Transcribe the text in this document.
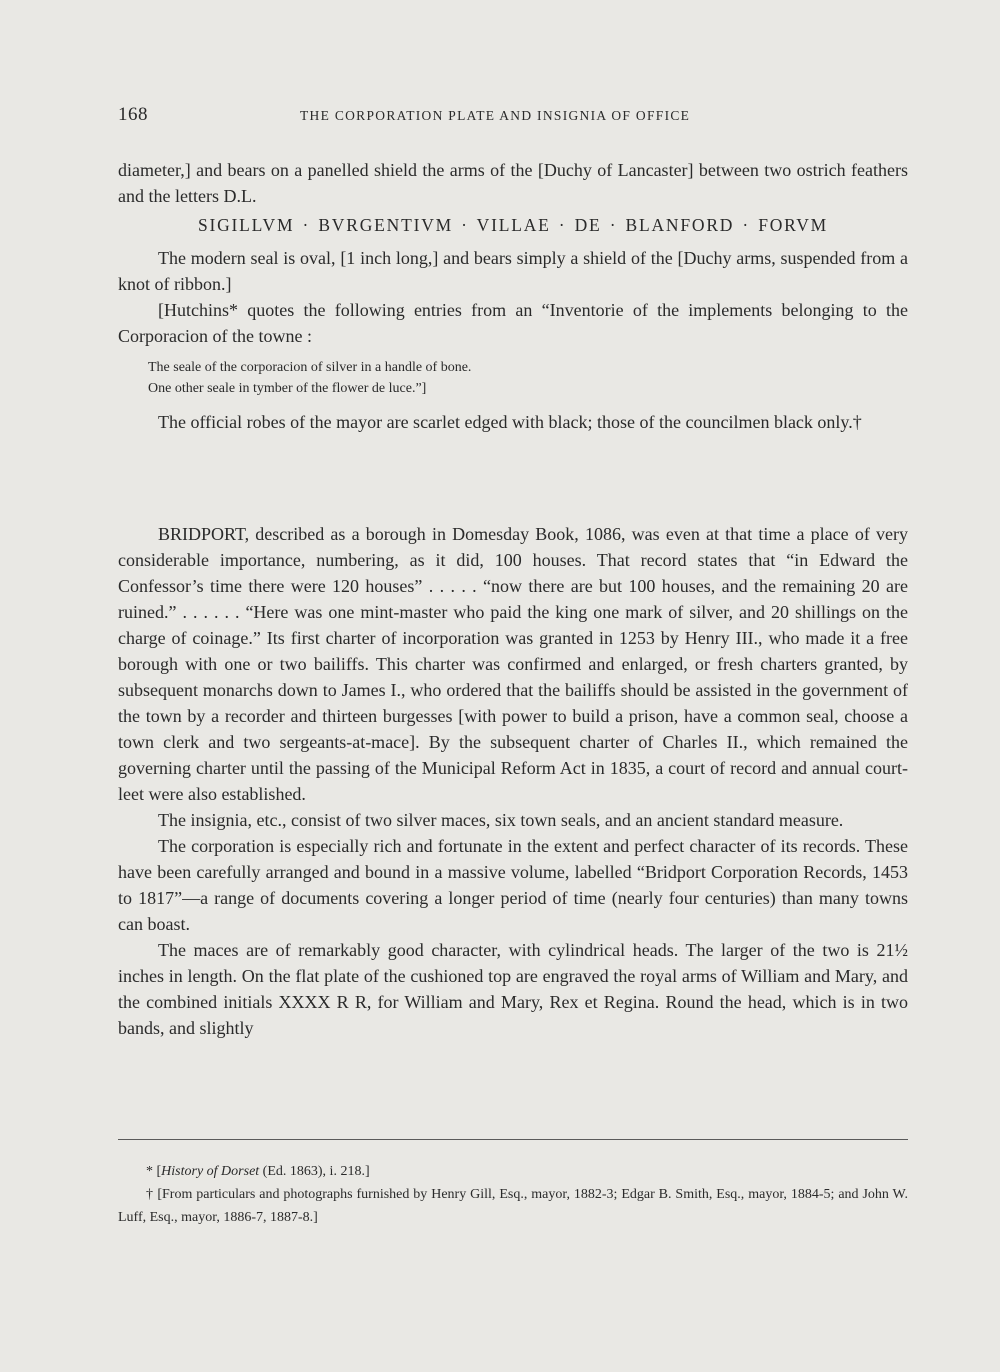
168	THE CORPORATION PLATE AND INSIGNIA OF OFFICE

diameter,] and bears on a panelled shield the arms of the [Duchy of Lancaster] between two ostrich feathers and the letters D.L.

SIGILLVM · BVRGENTIVM · VILLAE · DE · BLANFORD · FORVM

The modern seal is oval, [1 inch long,] and bears simply a shield of the [Duchy arms, suspended from a knot of ribbon.]

[Hutchins* quotes the following entries from an “Inventorie of the implements belonging to the Corporacion of the towne :

The seale of the corporacion of silver in a handle of bone.

One other seale in tymber of the flower de luce.”]

The official robes of the mayor are scarlet edged with black; those of the councilmen black only.†

BRIDPORT, described as a borough in Domesday Book, 1086, was even at that time a place of very considerable importance, numbering, as it did, 100 houses. That record states that “in Edward the Confessor’s time there were 120 houses” . . . . . “now there are but 100 houses, and the remaining 20 are ruined.” . . . . . . “Here was one mint-master who paid the king one mark of silver, and 20 shillings on the charge of coinage.” Its first charter of incorporation was granted in 1253 by Henry III., who made it a free borough with one or two bailiffs. This charter was confirmed and enlarged, or fresh charters granted, by subsequent monarchs down to James I., who ordered that the bailiffs should be assisted in the government of the town by a recorder and thirteen burgesses [with power to build a prison, have a common seal, choose a town clerk and two sergeants-at-mace]. By the subsequent charter of Charles II., which remained the governing charter until the passing of the Municipal Reform Act in 1835, a court of record and annual court-leet were also established.

The insignia, etc., consist of two silver maces, six town seals, and an ancient standard measure.

The corporation is especially rich and fortunate in the extent and perfect character of its records. These have been carefully arranged and bound in a massive volume, labelled “Bridport Corporation Records, 1453 to 1817”—a range of documents covering a longer period of time (nearly four centuries) than many towns can boast.

The maces are of remarkably good character, with cylindrical heads. The larger of the two is 21½ inches in length. On the flat plate of the cushioned top are engraved the royal arms of William and Mary, and the combined initials XXXX R R, for William and Mary, Rex et Regina. Round the head, which is in two bands, and slightly

* [History of Dorset (Ed. 1863), i. 218.]

† [From particulars and photographs furnished by Henry Gill, Esq., mayor, 1882-3; Edgar B. Smith, Esq., mayor, 1884-5; and John W. Luff, Esq., mayor, 1886-7, 1887-8.]
